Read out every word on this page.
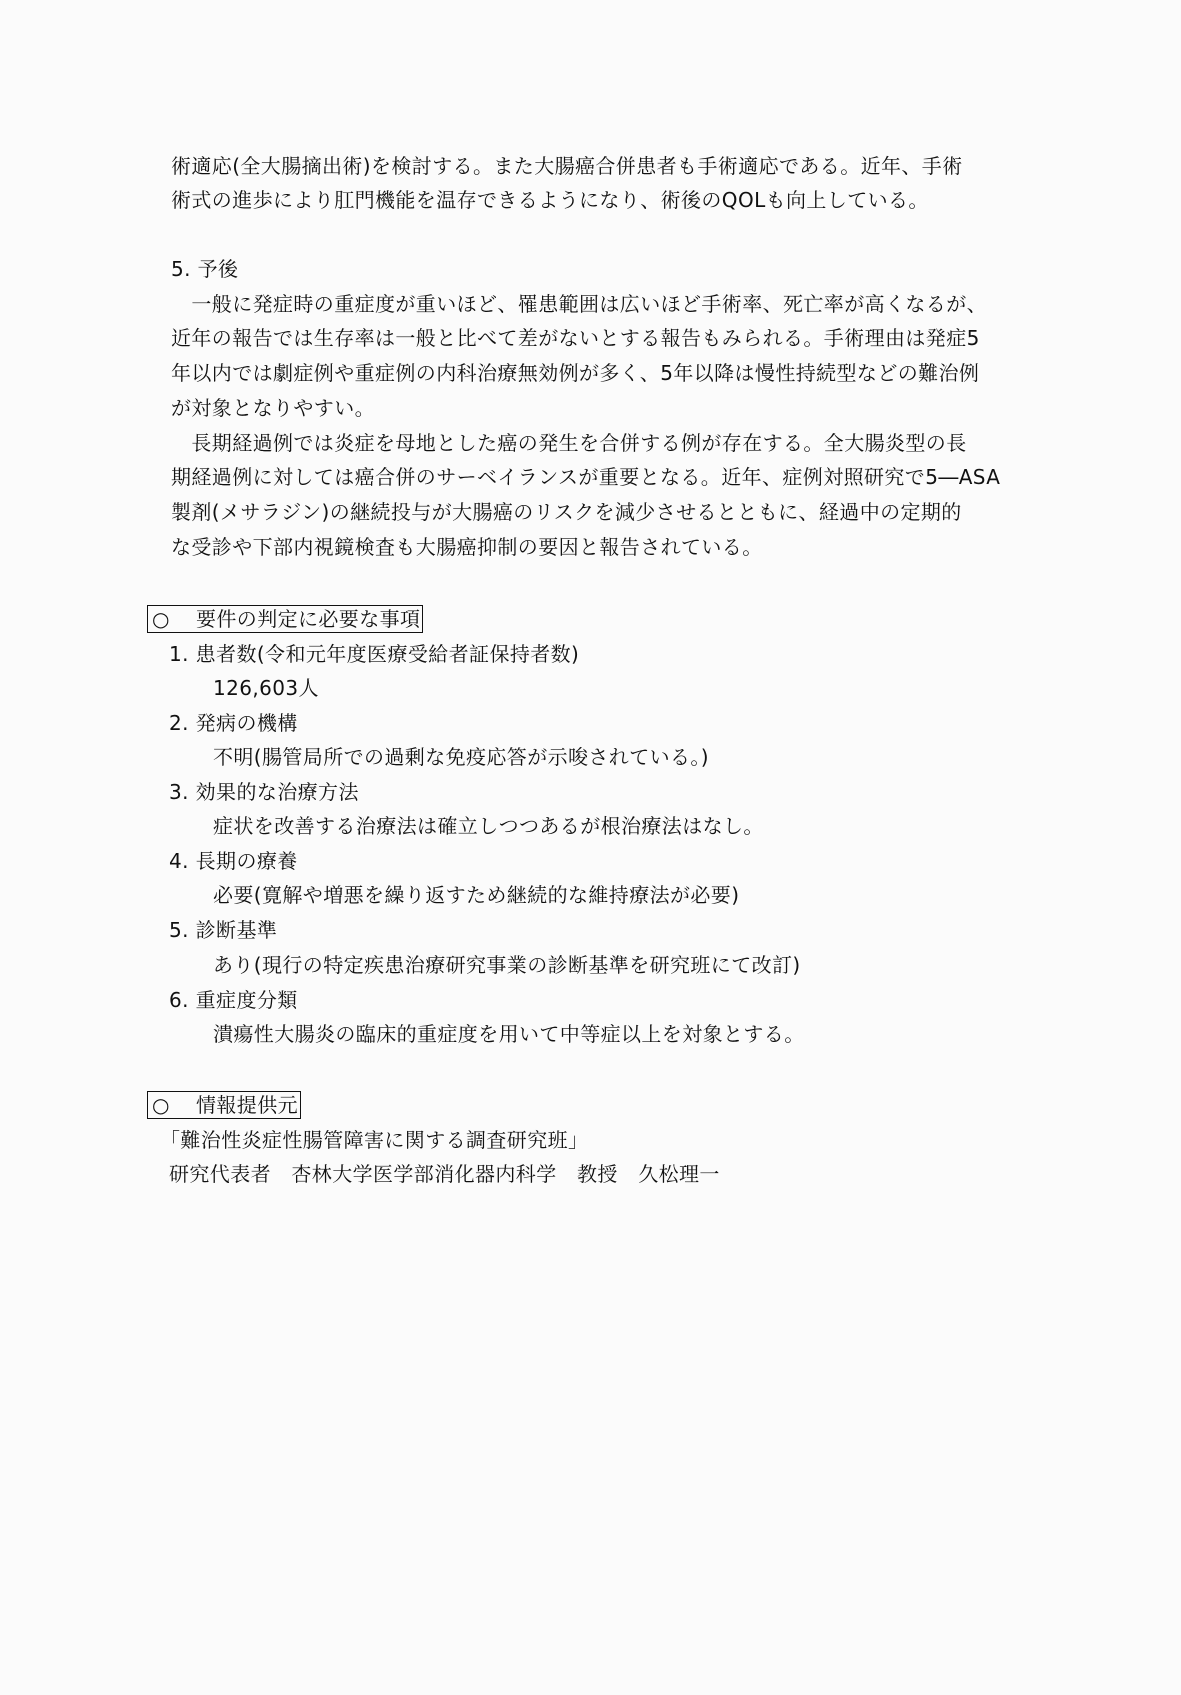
術適応(全大腸摘出術)を検討する。また大腸癌合併患者も手術適応である。近年、手術
術式の進歩により肛門機能を温存できるようになり、術後のQOLも向上している。
5. 予後
　一般に発症時の重症度が重いほど、罹患範囲は広いほど手術率、死亡率が高くなるが、
近年の報告では生存率は一般と比べて差がないとする報告もみられる。手術理由は発症5
年以内では劇症例や重症例の内科治療無効例が多く、5年以降は慢性持続型などの難治例
が対象となりやすい。
　長期経過例では炎症を母地とした癌の発生を合併する例が存在する。全大腸炎型の長
期経過例に対しては癌合併のサーベイランスが重要となる。近年、症例対照研究で5―ASA
製剤(メサラジン)の継続投与が大腸癌のリスクを減少させるとともに、経過中の定期的
な受診や下部内視鏡検査も大腸癌抑制の要因と報告されている。
○ 要件の判定に必要な事項
1. 患者数(令和元年度医療受給者証保持者数)
126,603人
2. 発病の機構
不明(腸管局所での過剰な免疫応答が示唆されている。)
3. 効果的な治療方法
症状を改善する治療法は確立しつつあるが根治療法はなし。
4. 長期の療養
必要(寛解や増悪を繰り返すため継続的な維持療法が必要)
5. 診断基準
あり(現行の特定疾患治療研究事業の診断基準を研究班にて改訂)
6. 重症度分類
潰瘍性大腸炎の臨床的重症度を用いて中等症以上を対象とする。
○ 情報提供元
「難治性炎症性腸管障害に関する調査研究班」
研究代表者　杏林大学医学部消化器内科学　教授　久松理一
